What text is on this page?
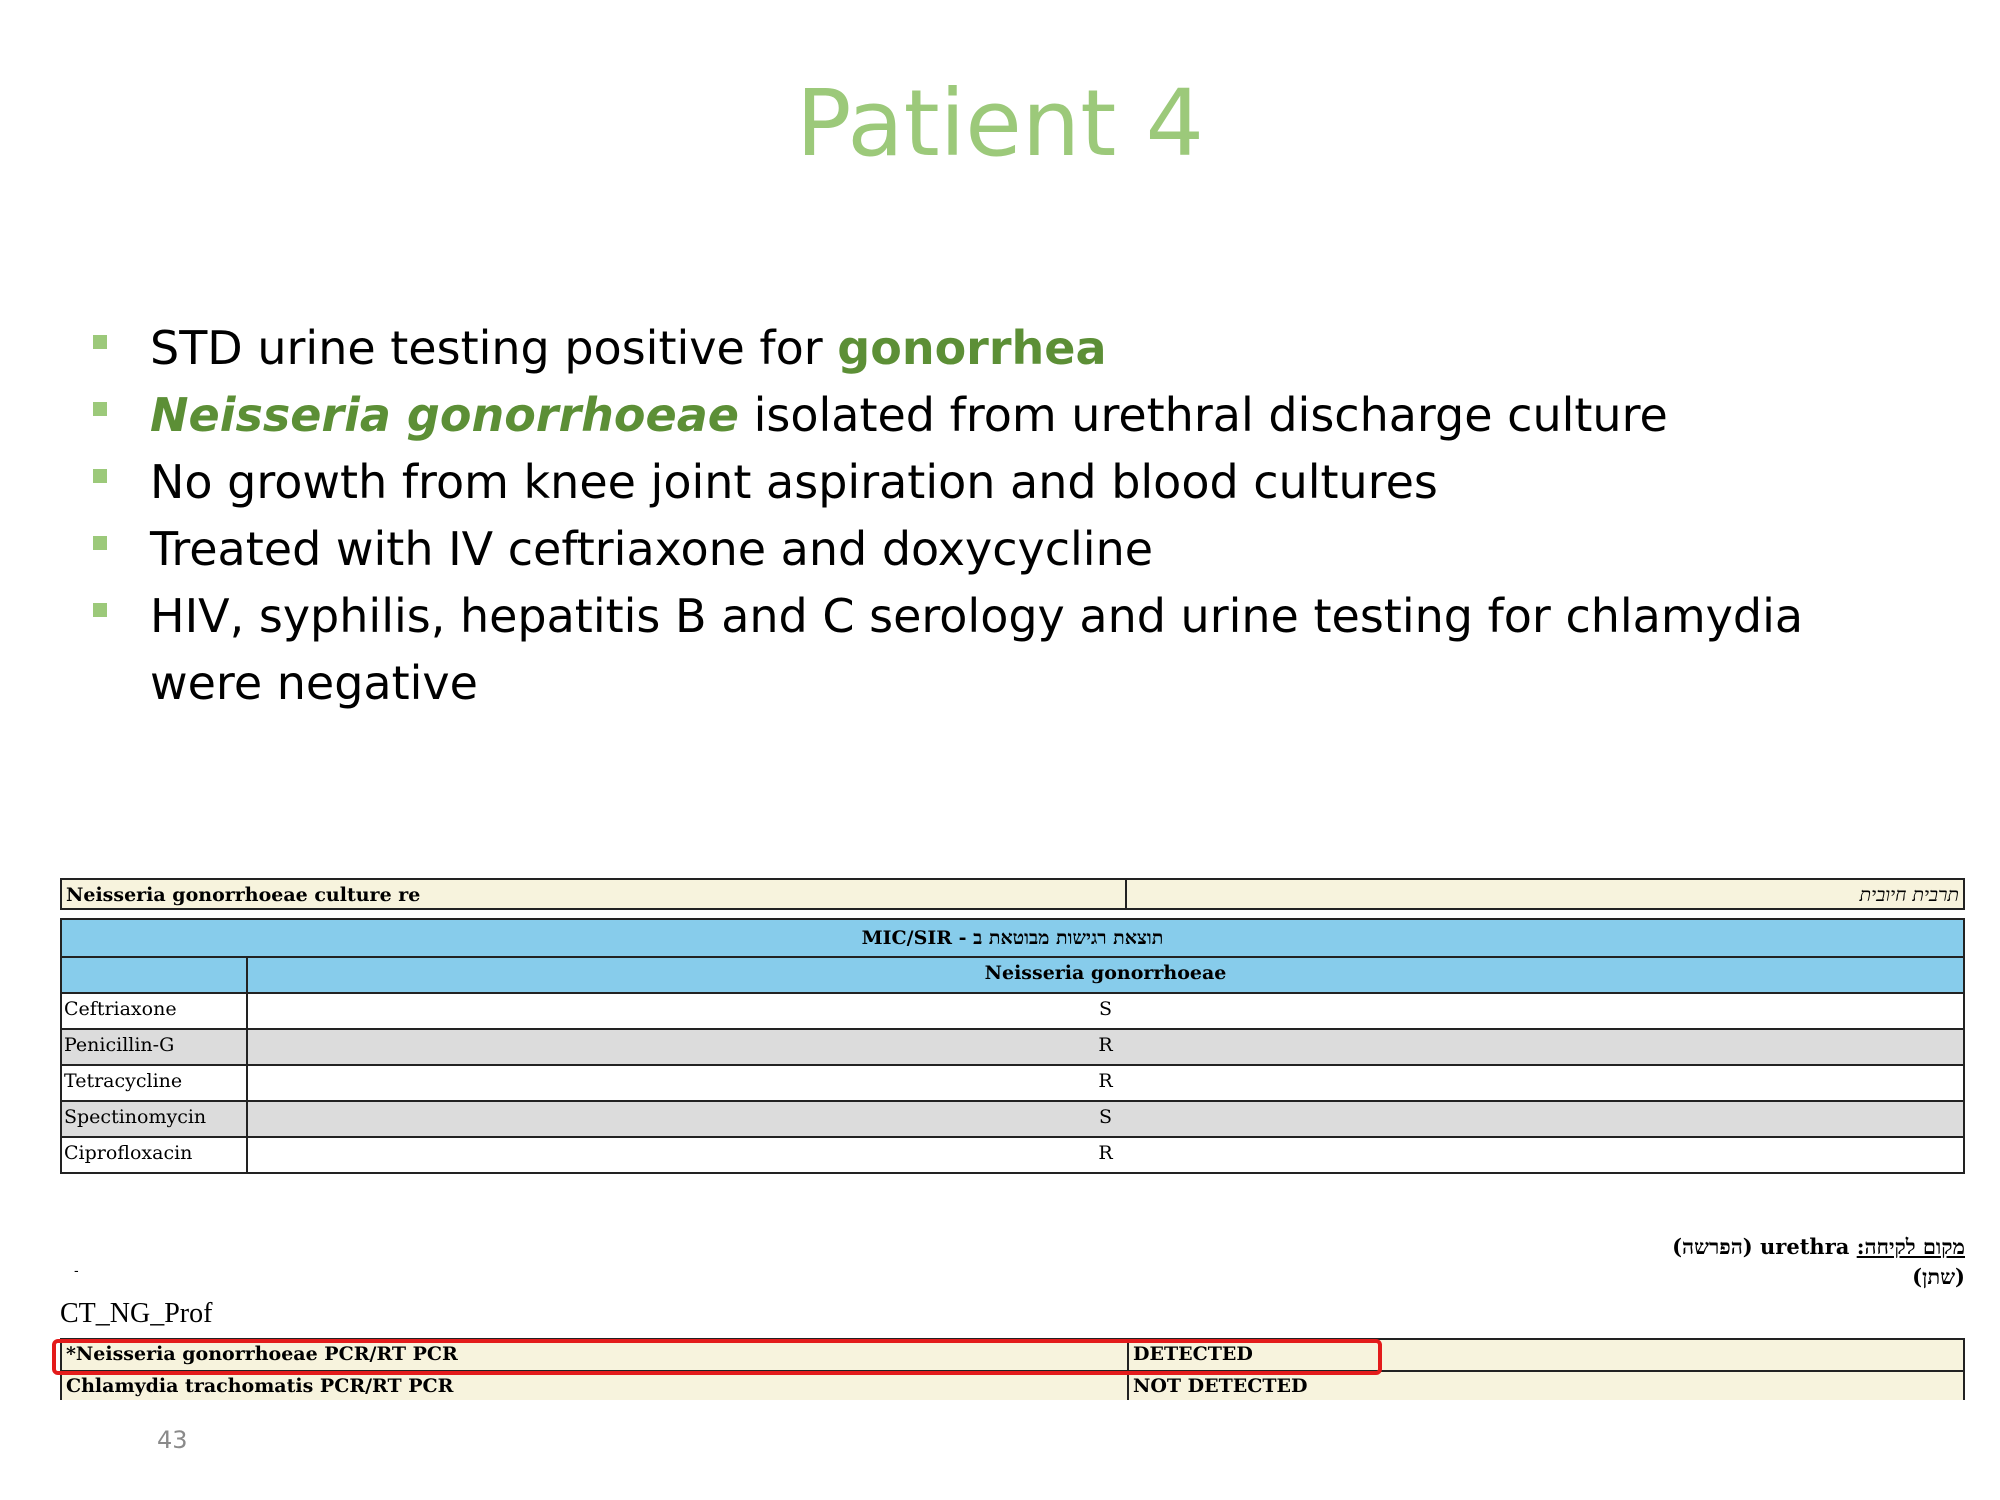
Patient 4
STD urine testing positive for gonorrhea
Neisseria gonorrhoeae isolated from urethral discharge culture
No growth from knee joint aspiration and blood cultures
Treated with IV ceftriaxone and doxycycline
HIV, syphilis, hepatitis B and C serology and urine testing for chlamydia were negative
Neisseria gonorrhoeae culture re	תרבית חיובית
MIC/SIR - תוצאת רגישות מבוטאת ב
Neisseria gonorrhoeae
Ceftriaxone	S
Penicillin-G	R
Tetracycline	R
Spectinomycin	S
Ciprofloxacin	R
מקום לקיחה: urethra (הפרשה)
(שתן)
-
CT_NG_Prof
*Neisseria gonorrhoeae PCR/RT PCR	DETECTED
Chlamydia trachomatis PCR/RT PCR	NOT DETECTED
43
